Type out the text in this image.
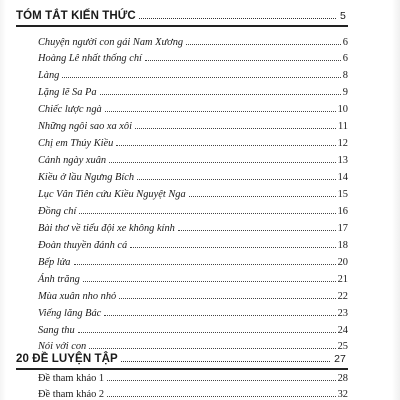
TÓM TẮT KIẾN THỨC	5
Chuyện người con gái Nam Xương	6
Hoàng Lê nhất thống chí	6
Làng	8
Lặng lẽ Sa Pa	9
Chiếc lược ngà	10
Những ngôi sao xa xôi	11
Chị em Thúy Kiều	12
Cảnh ngày xuân	13
Kiều ở lầu Ngưng Bích	14
Lục Vân Tiên cứu Kiều Nguyệt Nga	15
Đồng chí	16
Bài thơ về tiểu đội xe không kính	17
Đoàn thuyền đánh cá	18
Bếp lửa	20
Ánh trăng	21
Mùa xuân nho nhỏ	22
Viếng lăng Bác	23
Sang thu	24
Nói với con	25
20 ĐỀ LUYỆN TẬP	27
Đề tham khảo 1	28
Đề tham khảo 2	32
